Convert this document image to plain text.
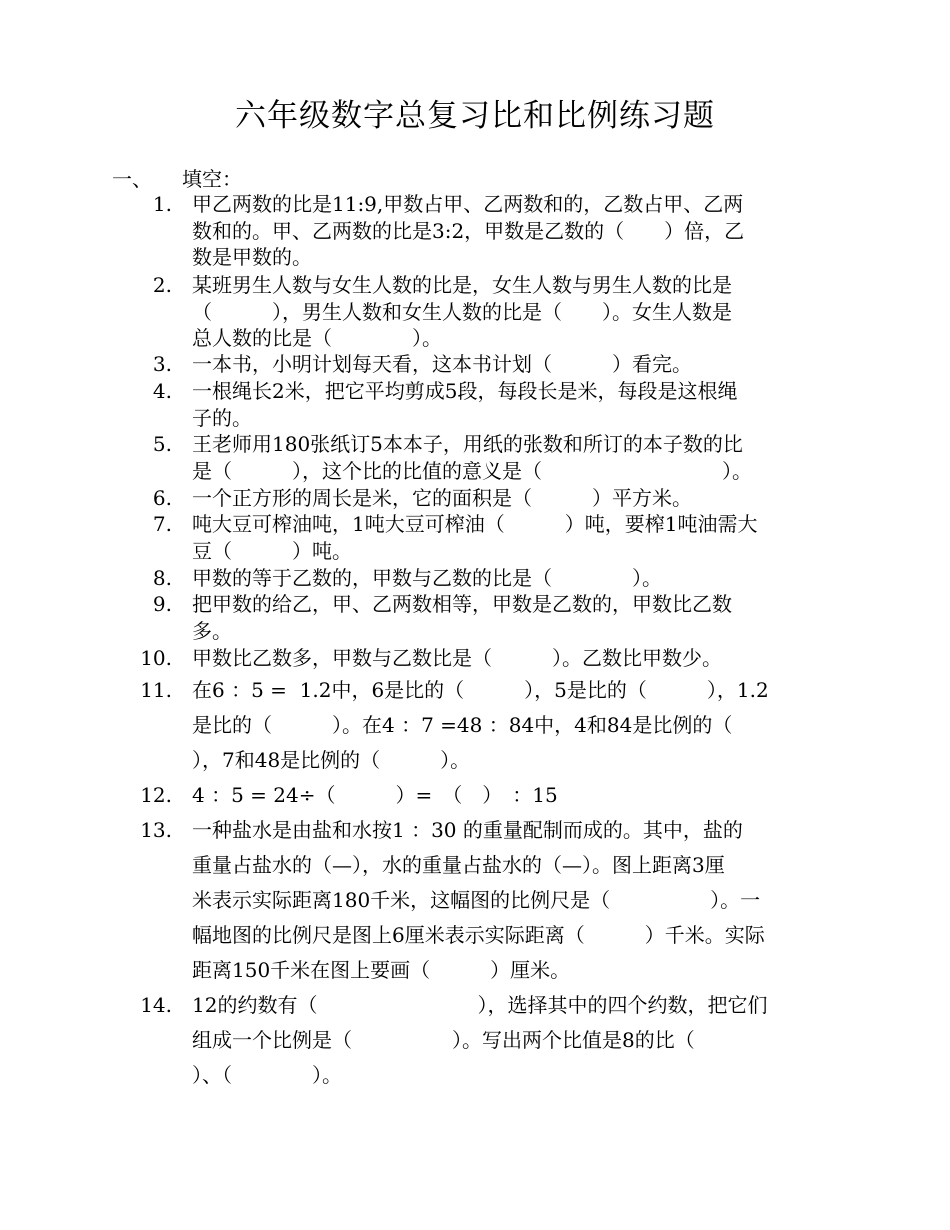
六年级数字总复习比和比例练习题
一、 填空：
1. 甲乙两数的比是11:9,甲数占甲、乙两数和的，乙数占甲、乙两
数和的。甲、乙两数的比是3:2，甲数是乙数的（　　）倍，乙
数是甲数的。
2. 某班男生人数与女生人数的比是，女生人数与男生人数的比是
（　　　），男生人数和女生人数的比是（　　）。女生人数是
总人数的比是（　　　　）。
3. 一本书，小明计划每天看，这本书计划（　　　）看完。
4. 一根绳长2米，把它平均剪成5段，每段长是米，每段是这根绳
子的。
5. 王老师用180张纸订5本本子，用纸的张数和所订的本子数的比
是（　　　），这个比的比值的意义是（　　　　　　　　　）。
6. 一个正方形的周长是米，它的面积是（　　　）平方米。
7. 吨大豆可榨油吨，1吨大豆可榨油（　　　）吨，要榨1吨油需大
豆（　　　）吨。
8. 甲数的等于乙数的，甲数与乙数的比是（　　　　）。
9. 把甲数的给乙，甲、乙两数相等，甲数是乙数的，甲数比乙数
多。
10. 甲数比乙数多，甲数与乙数比是（　　　）。乙数比甲数少。
11. 在6 ：5 =  1.2中，6是比的（　　　），5是比的（　　　），1.2
是比的（　　　）。在4 ：7 =48 ：84中，4和84是比例的（
），7和48是比例的（　　　）。
12. 4 ：5 = 24÷（　　　）=　（　）　：15
13. 一种盐水是由盐和水按1 ：30 的重量配制而成的。其中，盐的
重量占盐水的（—），水的重量占盐水的（—）。图上距离3厘
米表示实际距离180千米，这幅图的比例尺是（　　　　　）。一
幅地图的比例尺是图上6厘米表示实际距离（　　　）千米。实际
距离150千米在图上要画（　　　）厘米。
14. 12的约数有（　　　　　　　　），选择其中的四个约数，把它们
组成一个比例是（　　　　　）。写出两个比值是8的比（
）、（　　　　）。
